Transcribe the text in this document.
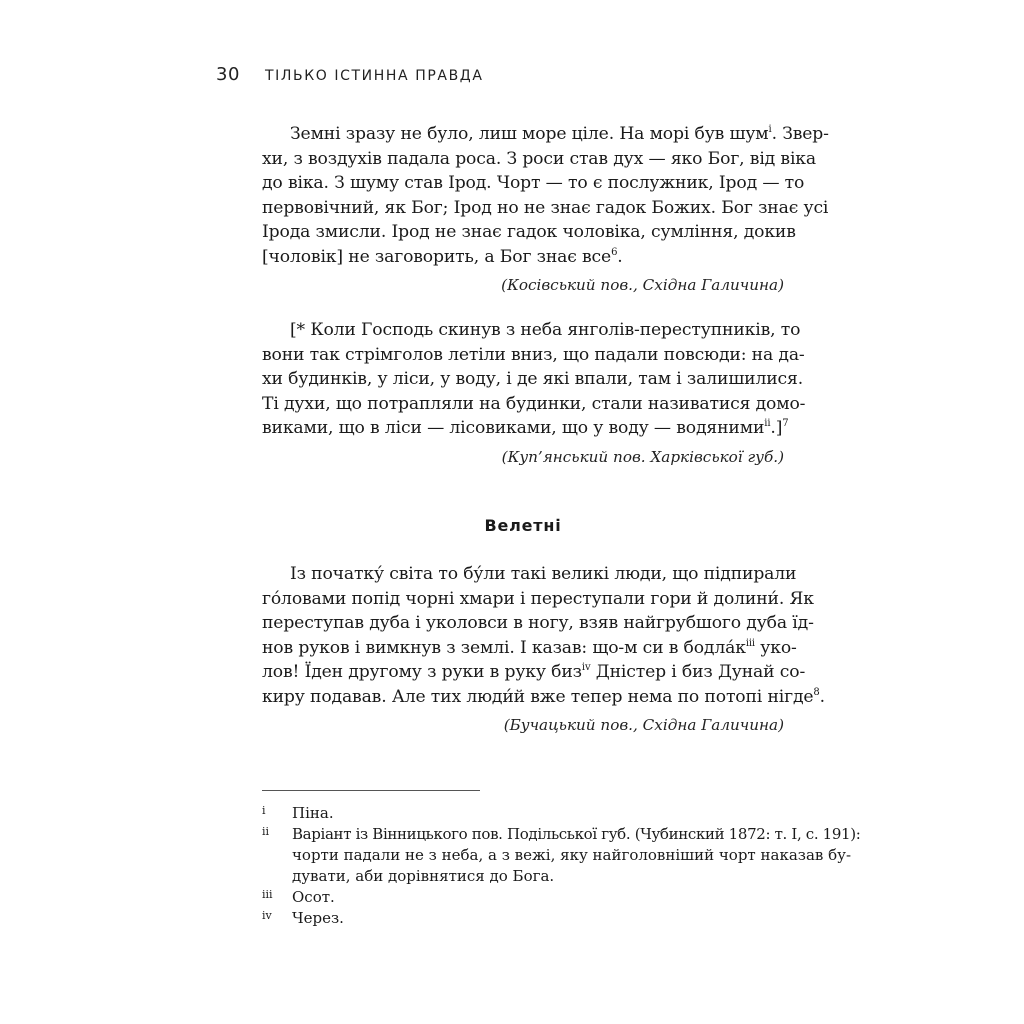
30 ТІЛЬКО ІСТИННА ПРАВДА

Земні зразу не було, лиш море ціле. На морі був шум$^i$. Звер-

хи, з воздухів падала роса. З роси став дух — яко Бог, від віка
до віка. З шуму став Ірод. Чорт — то є послужник, Ірод — то
первовічний, як Бог; Ірод но не знає гадок Божих. Бог знає усі
Ірода змисли. Ірод не знає гадок чоловіка, сумління, докив
[чоловік] не заговорить, а Бог знає все$^6$.

(Косівський пов., Східна Галичина)

[* Коли Господь скинув з неба янголів-переступників, то

вони так стрімголов летіли вниз, що падали повсюди: на да-
хи будинків, у ліси, у воду, і де які впали, там і залишилися.
Ті духи, що потрапляли на будинки, стали називатися домо-
виками, що в ліси — лісовиками, що у воду — водяними$^{ii}$.]$^7$

(Куп’янський пов. Харківської губ.)
Велетні

Із початку́ світа то бу́ли такі великі люди, що підпирали

го́ловами попід чорні хмари і переступали гори й долини́. Як
переступав дуба і уколовси в ногу, взяв найгрубшого дуба їд-
нов руков і вимкнув з землі. І казав: що-м си в $бодла́к^{iii}$ уко-
лов! Їден другому з руки в руку биз$^{iv}$ Дністер і биз Дунай со-
киру подавав. Але тих люди́й вже тепер нема по потопі нігде$^8$.

(Бучацький пов., Східна Галичина)
i Піна.
ii Варіант із Вінницького пов. Подільської губ. (Чубинский 1872: т. І, с. 191):
чорти падали не з неба, а з вежі, яку найголовніший чорт наказав бу-
дувати, аби дорівнятися до Бога.
iii Осот.
iv Через.
